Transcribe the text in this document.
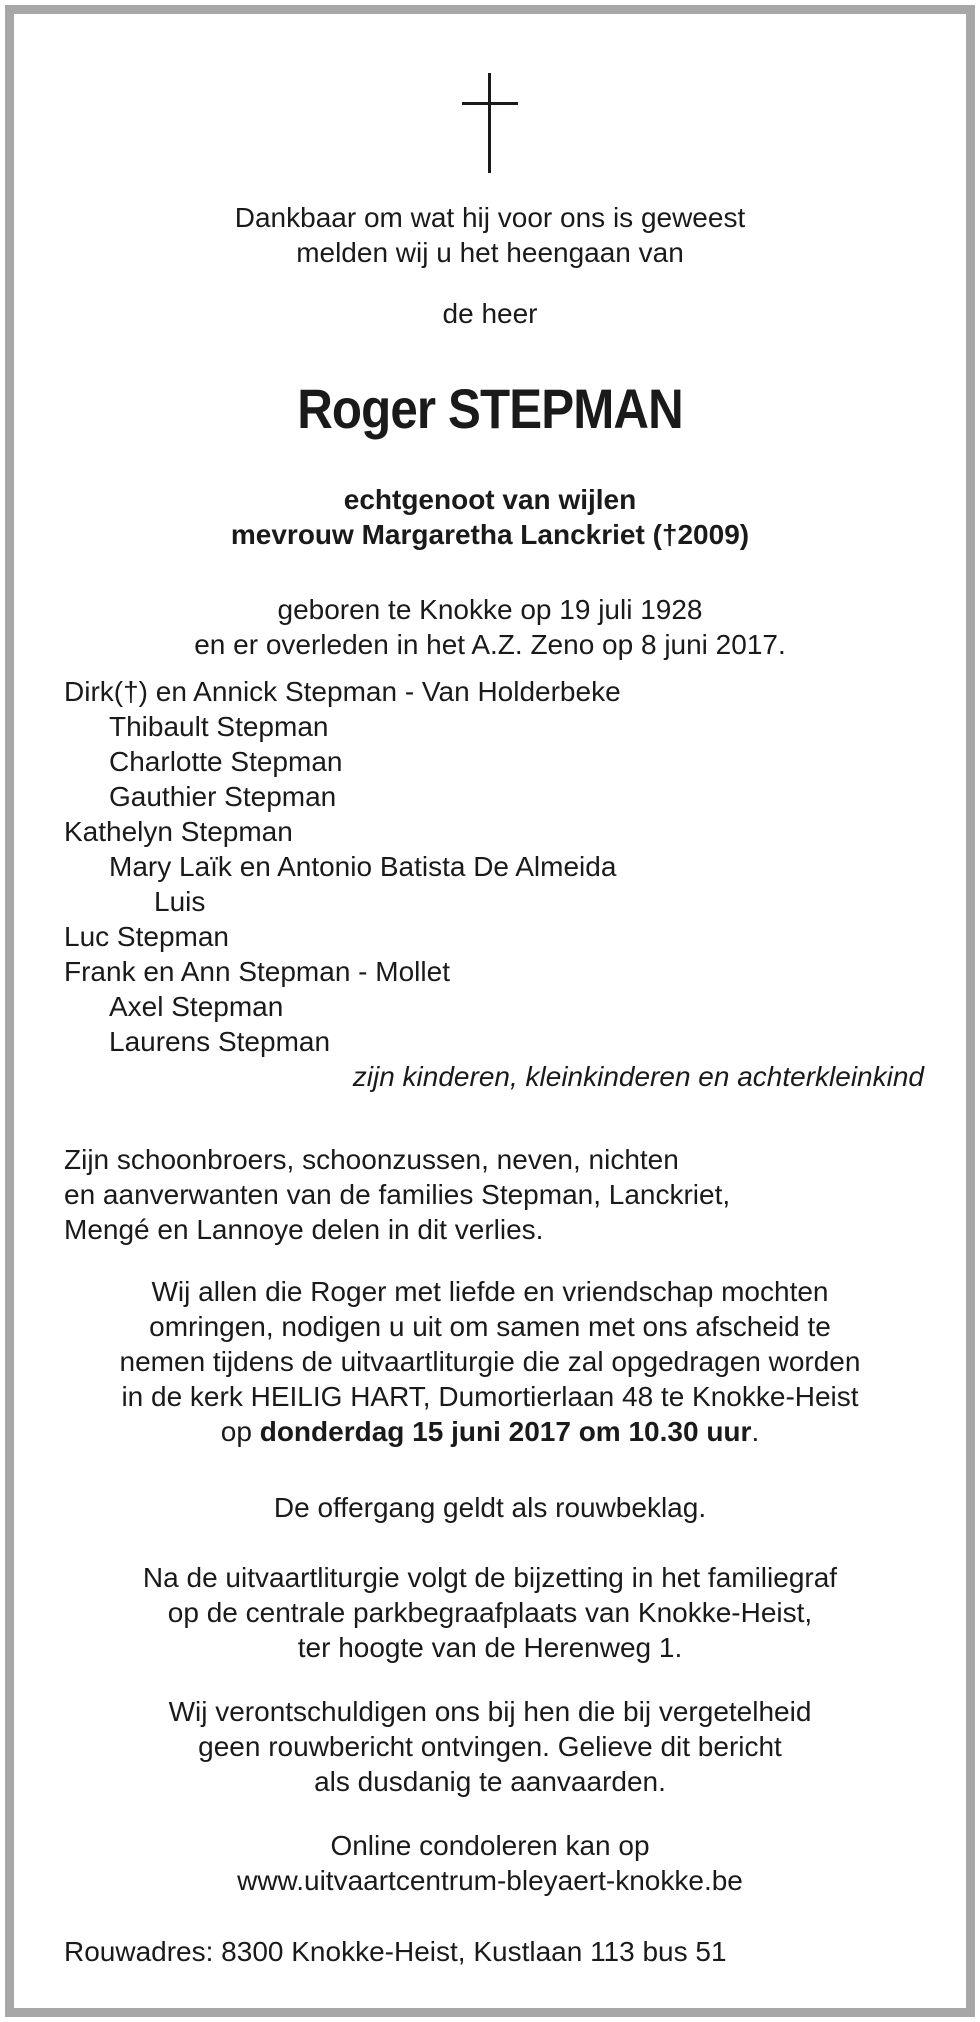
Dankbaar om wat hij voor ons is geweest
melden wij u het heengaan van
de heer
Roger STEPMAN
echtgenoot van wijlen
mevrouw Margaretha Lanckriet (†2009)
geboren te Knokke op 19 juli 1928
en er overleden in het A.Z. Zeno op 8 juni 2017.
Dirk(†) en Annick Stepman - Van Holderbeke
Thibault Stepman
Charlotte Stepman
Gauthier Stepman
Kathelyn Stepman
Mary Laïk en Antonio Batista De Almeida
Luis
Luc Stepman
Frank en Ann Stepman - Mollet
Axel Stepman
Laurens Stepman
zijn kinderen, kleinkinderen en achterkleinkind
Zijn schoonbroers, schoonzussen, neven, nichten
en aanverwanten van de families Stepman, Lanckriet,
Mengé en Lannoye delen in dit verlies.
Wij allen die Roger met liefde en vriendschap mochten
omringen, nodigen u uit om samen met ons afscheid te
nemen tijdens de uitvaartliturgie die zal opgedragen worden
in de kerk HEILIG HART, Dumortierlaan 48 te Knokke-Heist
op donderdag 15 juni 2017 om 10.30 uur.
De offergang geldt als rouwbeklag.
Na de uitvaartliturgie volgt de bijzetting in het familiegraf
op de centrale parkbegraafplaats van Knokke-Heist,
ter hoogte van de Herenweg 1.
Wij verontschuldigen ons bij hen die bij vergetelheid
geen rouwbericht ontvingen. Gelieve dit bericht
als dusdanig te aanvaarden.
Online condoleren kan op
www.uitvaartcentrum-bleyaert-knokke.be
Rouwadres: 8300 Knokke-Heist, Kustlaan 113 bus 51
